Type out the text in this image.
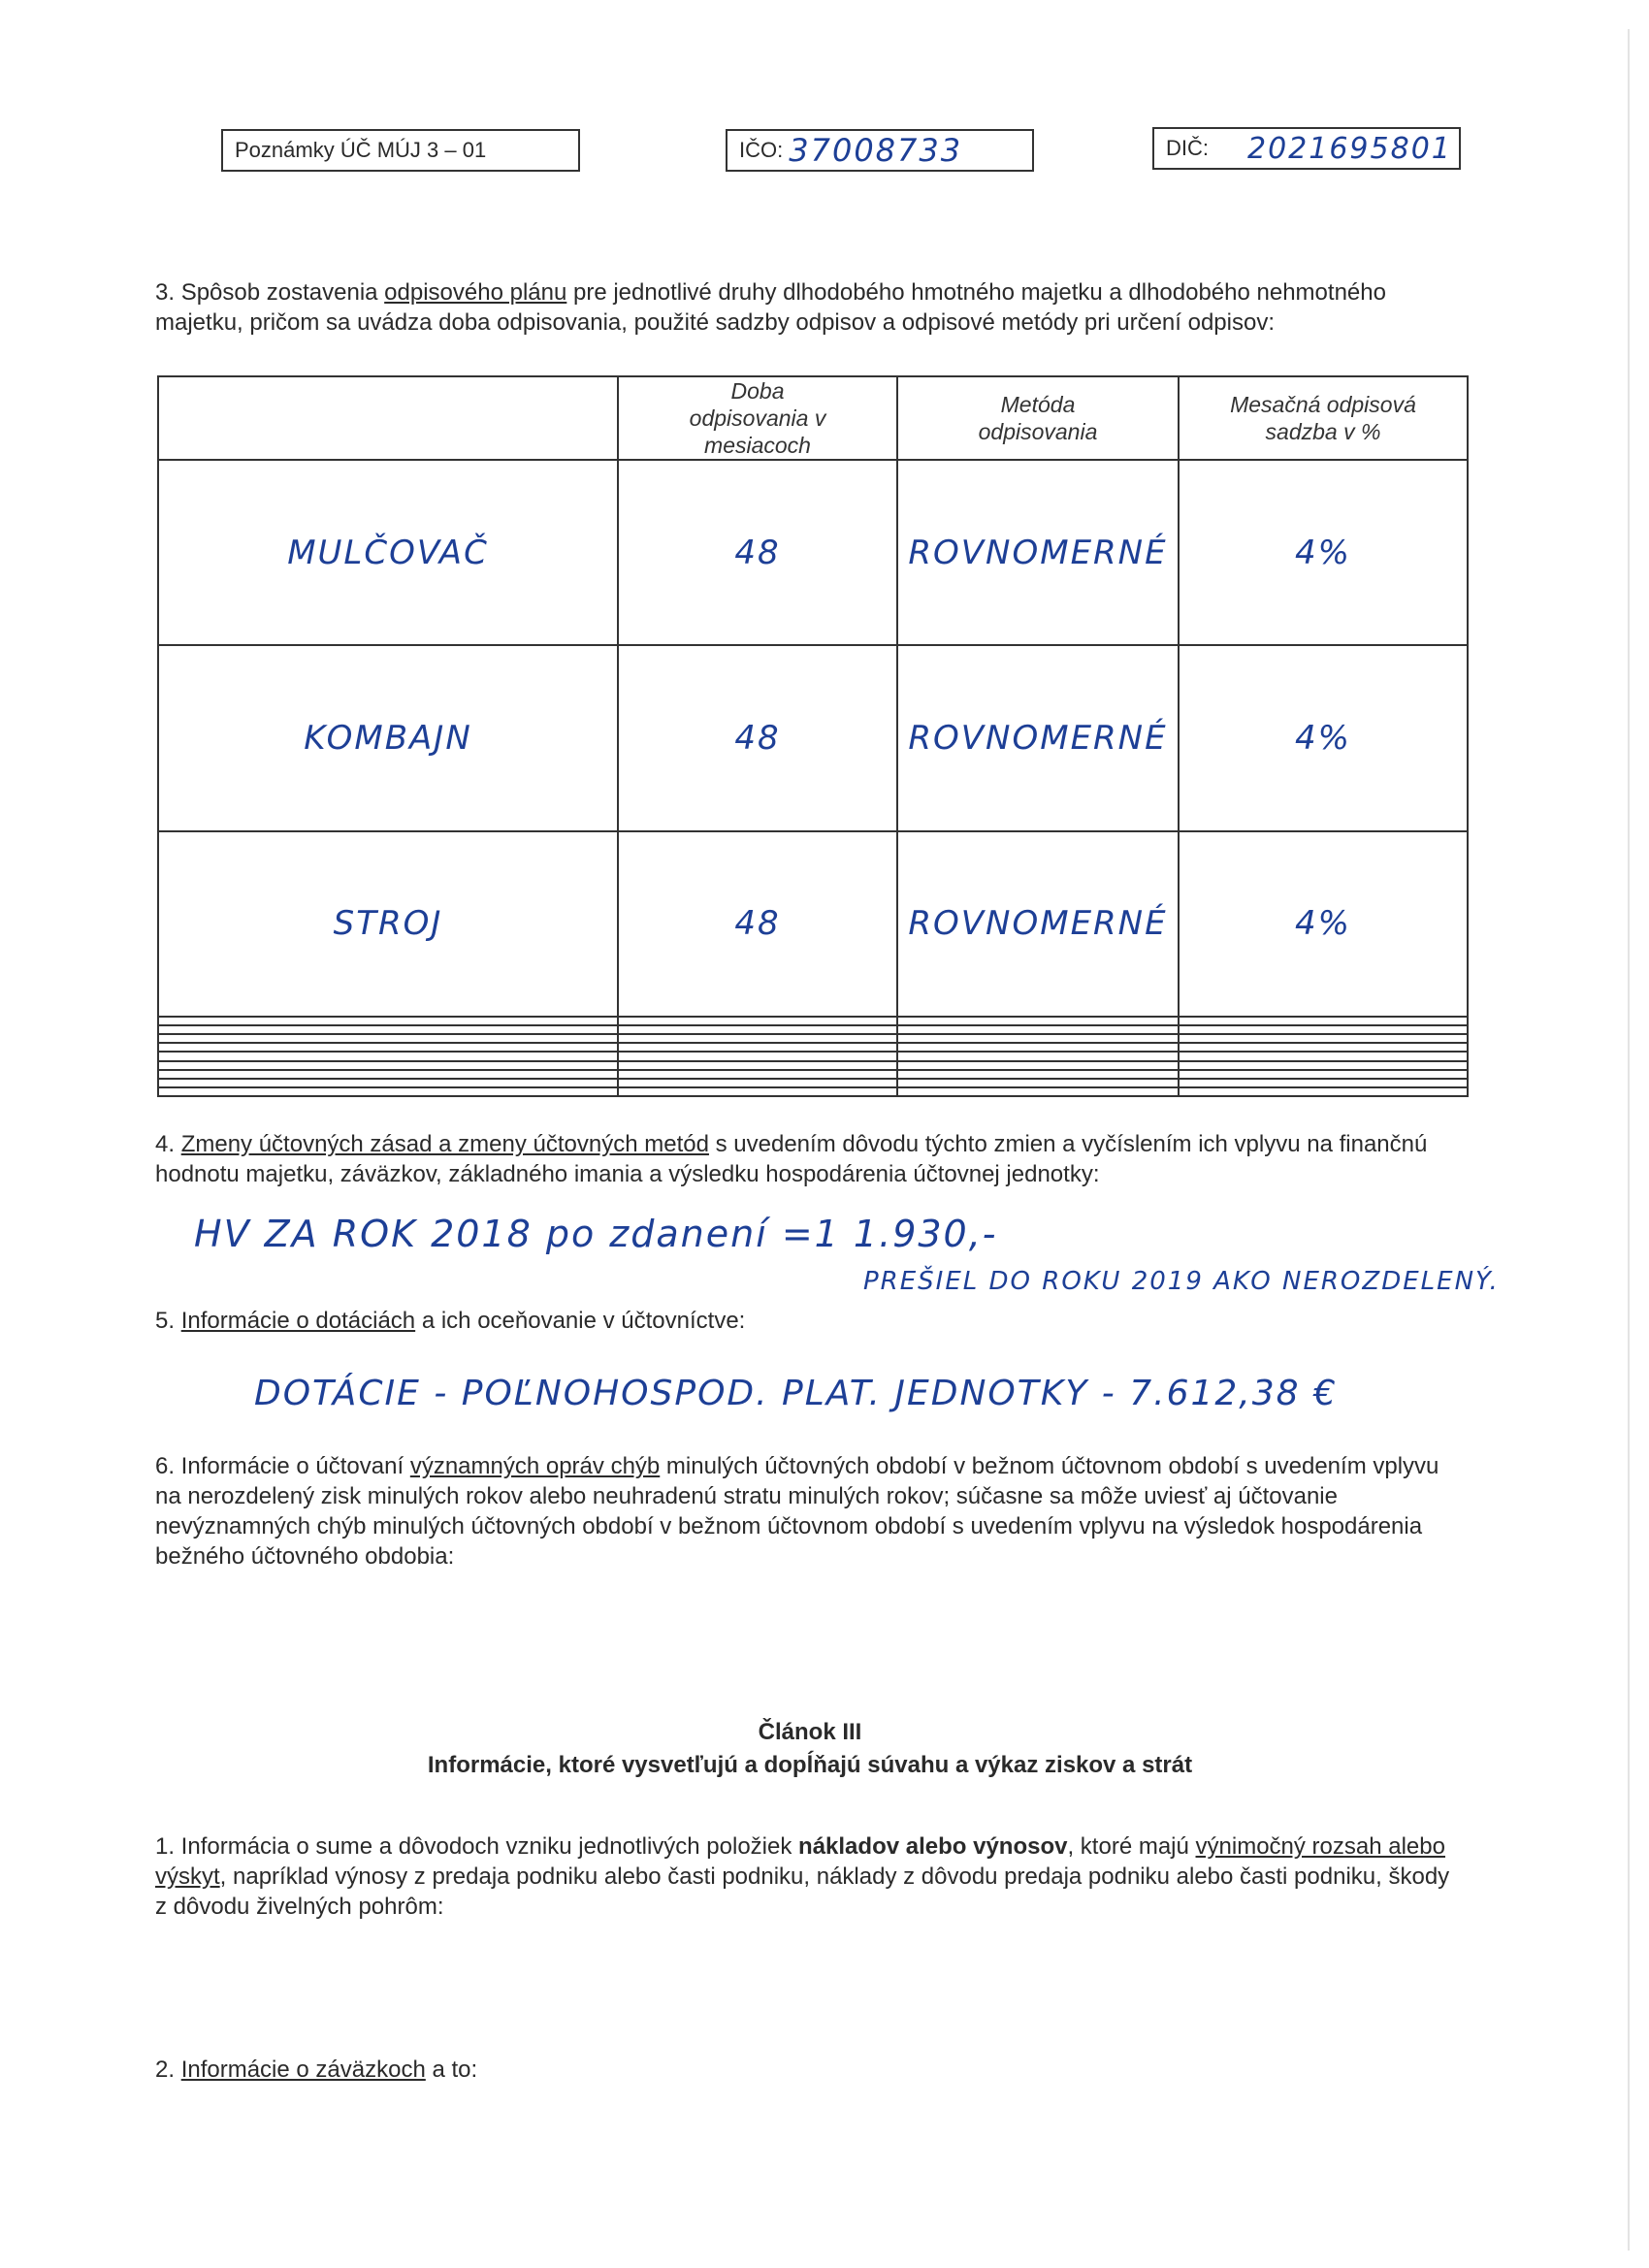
Poznámky ÚČ MÚJ 3 – 01	IČO: 37008733	DIČ: 2021695801
3. Spôsob zostavenia odpisového plánu pre jednotlivé druhy dlhodobého hmotného majetku a dlhodobého nehmotného majetku, pričom sa uvádza doba odpisovania, použité sadzby odpisov a odpisové metódy pri určení odpisov:
	Doba odpisovania v mesiacoch	Metóda odpisovania	Mesačná odpisová sadzba v %
MULČOVAČ	48	ROVNOMERNÉ	4%
KOMBAJN	48	ROVNOMERNÉ	4%
STROJ	48	ROVNOMERNÉ	4%

4. Zmeny účtovných zásad a zmeny účtovných metód s uvedením dôvodu týchto zmien a vyčíslením ich vplyvu na finančnú hodnotu majetku, záväzkov, základného imania a výsledku hospodárenia účtovnej jednotky:
HV ZA ROK 2018 po zdanení =1 1.930,-
PREŠIEL DO ROKU 2019 AKO NEROZDELENÝ.
5. Informácie o dotáciách a ich oceňovanie v účtovníctve:
DOTÁCIE - POĽNOHOSPOD. PLAT. JEDNOTKY - 7.612,38 €
6. Informácie o účtovaní významných opráv chýb minulých účtovných období v bežnom účtovnom období s uvedením vplyvu na nerozdelený zisk minulých rokov alebo neuhradenú stratu minulých rokov; súčasne sa môže uviesť aj účtovanie nevýznamných chýb minulých účtovných období v bežnom účtovnom období s uvedením vplyvu na výsledok hospodárenia bežného účtovného obdobia:
Článok III
Informácie, ktoré vysvetľujú a dopĺňajú súvahu a výkaz ziskov a strát
1. Informácia o sume a dôvodoch vzniku jednotlivých položiek nákladov alebo výnosov, ktoré majú výnimočný rozsah alebo výskyt, napríklad výnosy z predaja podniku alebo časti podniku, náklady z dôvodu predaja podniku alebo časti podniku, škody z dôvodu živelných pohrôm:
2. Informácie o záväzkoch a to:
